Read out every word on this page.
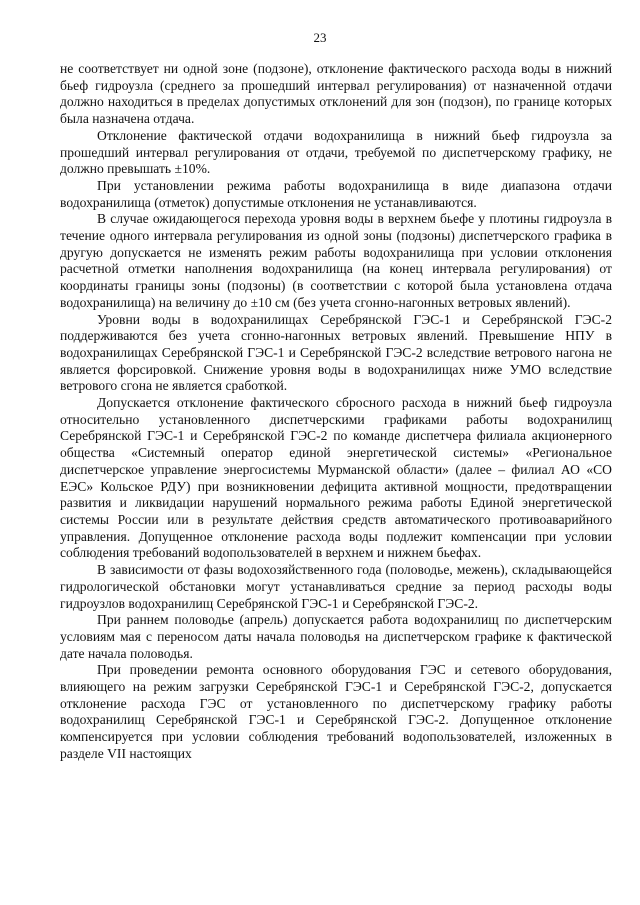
23

не соответствует ни одной зоне (подзоне), отклонение фактического расхода воды в нижний бьеф гидроузла (среднего за прошедший интервал регулирования) от назначенной отдачи должно находиться в пределах допустимых отклонений для зон (подзон), по границе которых была назначена отдача.

Отклонение фактической отдачи водохранилища в нижний бьеф гидроузла за прошедший интервал регулирования от отдачи, требуемой по диспетчерскому графику, не должно превышать ±10%.

При установлении режима работы водохранилища в виде диапазона отдачи водохранилища (отметок) допустимые отклонения не устанавливаются.

В случае ожидающегося перехода уровня воды в верхнем бьефе у плотины гидроузла в течение одного интервала регулирования из одной зоны (подзоны) диспетчерского графика в другую допускается не изменять режим работы водохранилища при условии отклонения расчетной отметки наполнения водохранилища (на конец интервала регулирования) от координаты границы зоны (подзоны) (в соответствии с которой была установлена отдача водохранилища) на величину до ±10 см (без учета сгонно-нагонных ветровых явлений).

Уровни воды в водохранилищах Серебрянской ГЭС-1 и Серебрянской ГЭС-2 поддерживаются без учета сгонно-нагонных ветровых явлений. Превышение НПУ в водохранилищах Серебрянской ГЭС-1 и Серебрянской ГЭС-2 вследствие ветрового нагона не является форсировкой. Снижение уровня воды в водохранилищах ниже УМО вследствие ветрового сгона не является сработкой.

Допускается отклонение фактического сбросного расхода в нижний бьеф гидроузла относительно установленного диспетчерскими графиками работы водохранилищ Серебрянской ГЭС-1 и Серебрянской ГЭС-2 по команде диспетчера филиала акционерного общества «Системный оператор единой энергетической системы» «Региональное диспетчерское управление энергосистемы Мурманской области» (далее – филиал АО «СО ЕЭС» Кольское РДУ) при возникновении дефицита активной мощности, предотвращении развития и ликвидации нарушений нормального режима работы Единой энергетической системы России или в результате действия средств автоматического противоаварийного управления. Допущенное отклонение расхода воды подлежит компенсации при условии соблюдения требований водопользователей в верхнем и нижнем бьефах.

В зависимости от фазы водохозяйственного года (половодье, межень), складывающейся гидрологической обстановки могут устанавливаться средние за период расходы воды гидроузлов водохранилищ Серебрянской ГЭС-1 и Серебрянской ГЭС-2.

При раннем половодье (апрель) допускается работа водохранилищ по диспетчерским условиям мая с переносом даты начала половодья на диспетчерском графике к фактической дате начала половодья.

При проведении ремонта основного оборудования ГЭС и сетевого оборудования, влияющего на режим загрузки Серебрянской ГЭС-1 и Серебрянской ГЭС-2, допускается отклонение расхода ГЭС от установленного по диспетчерскому графику работы водохранилищ Серебрянской ГЭС-1 и Серебрянской ГЭС-2. Допущенное отклонение компенсируется при условии соблюдения требований водопользователей, изложенных в разделе VII настоящих
